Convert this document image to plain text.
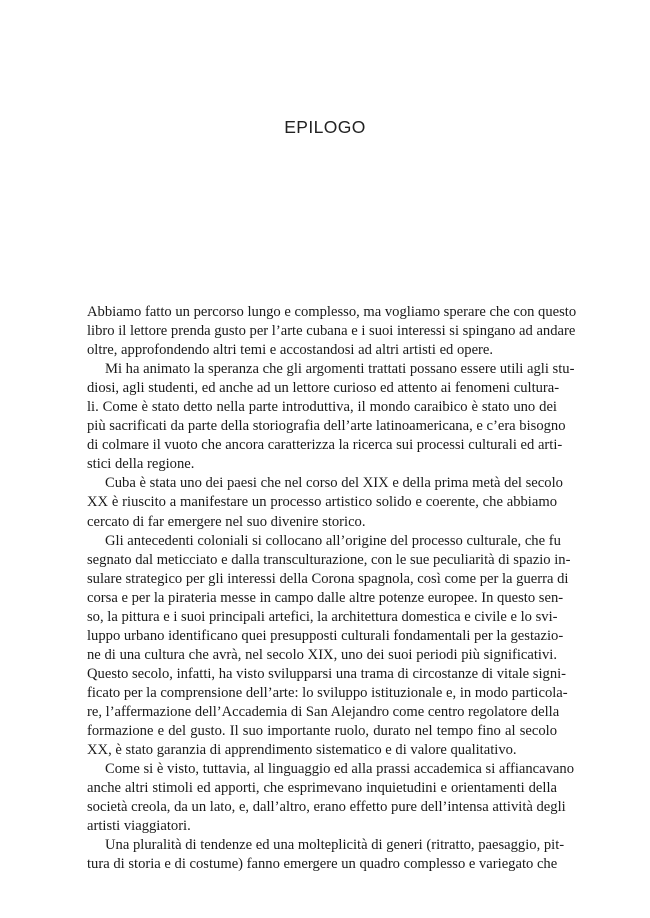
EPILOGO
Abbiamo fatto un percorso lungo e complesso, ma vogliamo sperare che con questo
libro il lettore prenda gusto per l’arte cubana e i suoi interessi si spingano ad andare
oltre, approfondendo altri temi e accostandosi ad altri artisti ed opere.
Mi ha animato la speranza che gli argomenti trattati possano essere utili agli stu-
diosi, agli studenti, ed anche ad un lettore curioso ed attento ai fenomeni cultura-
li. Come è stato detto nella parte introduttiva, il mondo caraibico è stato uno dei
più sacrificati da parte della storiografia dell’arte latinoamericana, e c’era bisogno
di colmare il vuoto che ancora caratterizza la ricerca sui processi culturali ed arti-
stici della regione.
Cuba è stata uno dei paesi che nel corso del XIX e della prima metà del secolo
XX è riuscito a manifestare un processo artistico solido e coerente, che abbiamo
cercato di far emergere nel suo divenire storico.
Gli antecedenti coloniali si collocano all’origine del processo culturale, che fu
segnato dal meticciato e dalla transculturazione, con le sue peculiarità di spazio in-
sulare strategico per gli interessi della Corona spagnola, così come per la guerra di
corsa e per la pirateria messe in campo dalle altre potenze europee. In questo sen-
so, la pittura e i suoi principali artefici, la architettura domestica e civile e lo svi-
luppo urbano identificano quei presupposti culturali fondamentali per la gestazio-
ne di una cultura che avrà, nel secolo XIX, uno dei suoi periodi più significativi.
Questo secolo, infatti, ha visto svilupparsi una trama di circostanze di vitale signi-
ficato per la comprensione dell’arte: lo sviluppo istituzionale e, in modo particola-
re, l’affermazione dell’Accademia di San Alejandro come centro regolatore della
formazione e del gusto. Il suo importante ruolo, durato nel tempo fino al secolo
XX, è stato garanzia di apprendimento sistematico e di valore qualitativo.
Come si è visto, tuttavia, al linguaggio ed alla prassi accademica si affiancavano
anche altri stimoli ed apporti, che esprimevano inquietudini e orientamenti della
società creola, da un lato, e, dall’altro, erano effetto pure dell’intensa attività degli
artisti viaggiatori.
Una pluralità di tendenze ed una molteplicità di generi (ritratto, paesaggio, pit-
tura di storia e di costume) fanno emergere un quadro complesso e variegato che
